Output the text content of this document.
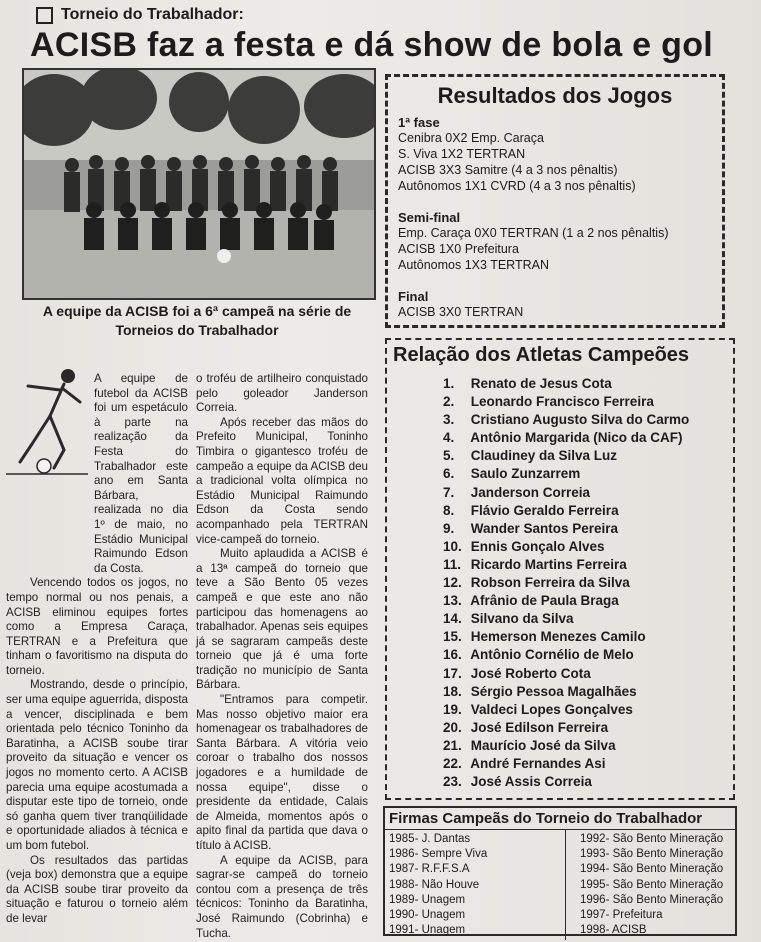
Torneio do Trabalhador:
ACISB faz a festa e dá show de bola e gol
A equipe da ACISB foi a 6ª campeã na série de Torneios do Trabalhador

A equipe de futebol da ACISB foi um espetáculo à parte na realização da Festa do Trabalhador este ano em Santa Bárbara, realizada no dia 1º de maio, no Estádio Municipal Raimundo Edson da Costa.

Vencendo todos os jogos, no tempo normal ou nos penais, a ACISB eliminou equipes fortes como a Empresa Caraça, TERTRAN e a Prefeitura que tinham o favoritismo na disputa do torneio.

Mostrando, desde o princípio, ser uma equipe aguerrida, disposta a vencer, disciplinada e bem orientada pelo técnico Toninho da Baratinha, a ACISB soube tirar proveito da situação e vencer os jogos no momento certo. A ACISB parecia uma equipe acostumada a disputar este tipo de torneio, onde só ganha quem tiver tranqüilidade e oportunidade aliados à técnica e um bom futebol.

Os resultados das partidas (veja box) demonstra que a equipe da ACISB soube tirar proveito da situação e faturou o torneio além de levar

o troféu de artilheiro conquistado pelo goleador Janderson Correia.

Após receber das mãos do Prefeito Municipal, Toninho Timbira o gigantesco troféu de campeão a equipe da ACISB deu a tradicional volta olímpica no Estádio Municipal Raimundo Edson da Costa sendo acompanhado pela TERTRAN vice-campeã do torneio.

Muito aplaudida a ACISB é a 13ª campeã do torneio que teve a São Bento 05 vezes campeã e que este ano não participou das homenagens ao trabalhador. Apenas seis equipes já se sagraram campeãs deste torneio que já é uma forte tradição no município de Santa Bárbara.

"Entramos para competir. Mas nosso objetivo maior era homenagear os trabalhadores de Santa Bárbara. A vitória veio coroar o trabalho dos nossos jogadores e a humildade de nossa equipe", disse o presidente da entidade, Calais de Almeida, momentos após o apito final da partida que dava o título à ACISB.

A equipe da ACISB, para sagrar-se campeã do torneio contou com a presença de três técnicos: Toninho da Baratinha, José Raimundo (Cobrinha) e Tucha.

Resultados dos Jogos
1ª fase
Cenibra 0X2 Emp. Caraça
S. Viva 1X2 TERTRAN
ACISB 3X3 Samitre (4 a 3 nos pênaltis)
Autônomos 1X1 CVRD (4 a 3 nos pênaltis)
Semi-final
Emp. Caraça 0X0 TERTRAN (1 a 2 nos pênaltis)
ACISB 1X0 Prefeitura
Autônomos 1X3 TERTRAN
Final
ACISB 3X0 TERTRAN
Relação dos Atletas Campeões
1. Renato de Jesus Cota
2. Leonardo Francisco Ferreira
3. Cristiano Augusto Silva do Carmo
4. Antônio Margarida (Nico da CAF)
5. Claudiney da Silva Luz
6. Saulo Zunzarrem
7. Janderson Correia
8. Flávio Geraldo Ferreira
9. Wander Santos Pereira
10. Ennis Gonçalo Alves
11. Ricardo Martins Ferreira
12. Robson Ferreira da Silva
13. Afrânio de Paula Braga
14. Silvano da Silva
15. Hemerson Menezes Camilo
16. Antônio Cornélio de Melo
17. José Roberto Cota
18. Sérgio Pessoa Magalhães
19. Valdeci Lopes Gonçalves
20. José Edilson Ferreira
21. Maurício José da Silva
22. André Fernandes Asi
23. José Assis Correia
Firmas Campeãs do Torneio do Trabalhador
1985- J. Dantas
1986- Sempre Viva
1987- R.F.F.S.A
1988- Não Houve
1989- Unagem
1990- Unagem
1991- Unagem
1992- São Bento Mineração
1993- São Bento Mineração
1994- São Bento Mineração
1995- São Bento Mineração
1996- São Bento Mineração
1997- Prefeitura
1998- ACISB
